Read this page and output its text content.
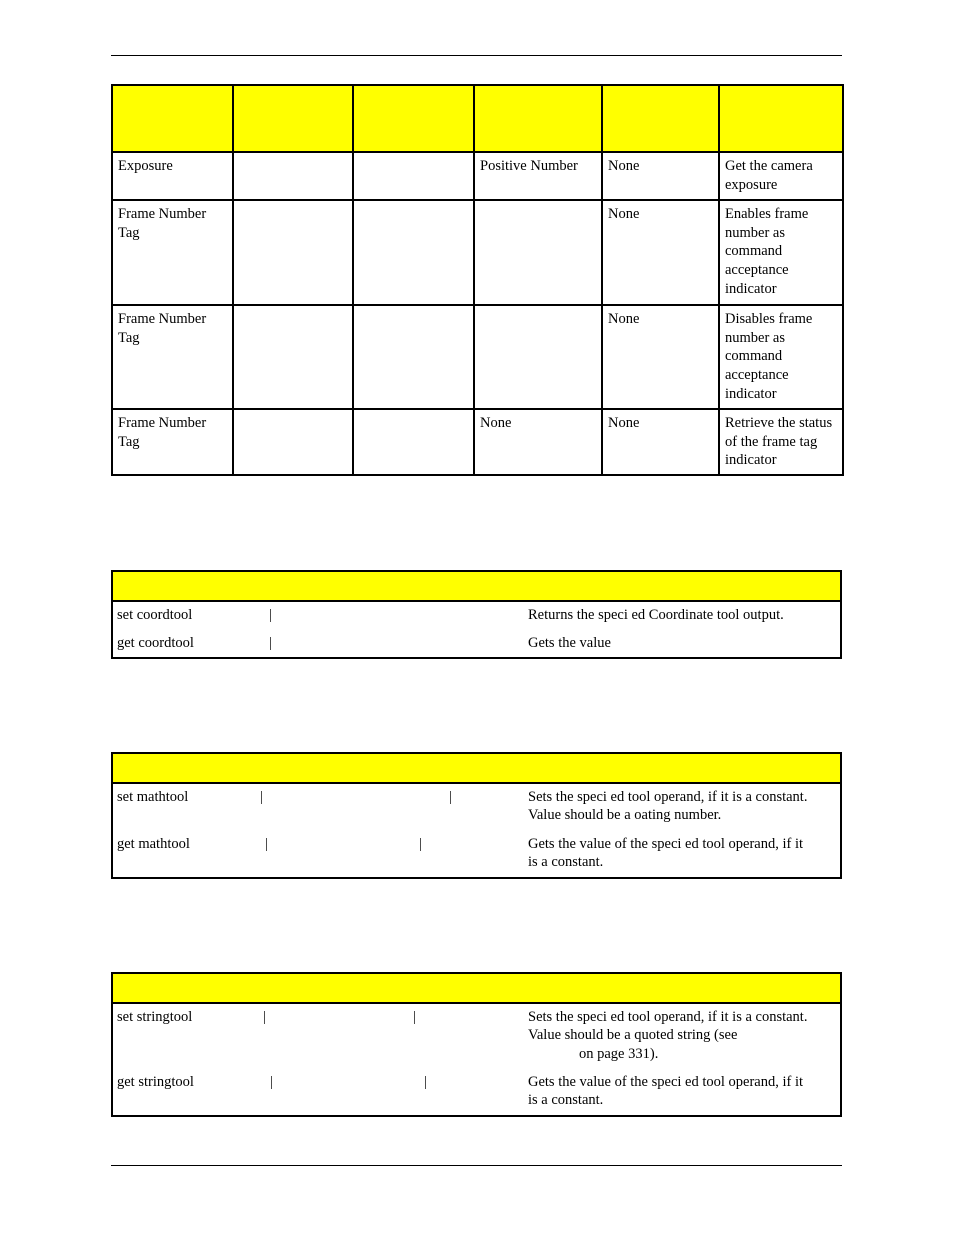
Exposure			Positive Number	None	Get the camera exposure
Frame Number Tag				None	Enables frame number as command acceptance indicator
Frame Number Tag				None	Disables frame number as command acceptance indicator
Frame Number Tag			None	None	Retrieve the status of the frame tag indicator
set coordtool	|	Returns the speci ed Coordinate tool output.
get coordtool	|	Gets the value
set mathtool	|	|	Sets the speci ed tool operand, if it is a constant.
Value should be a oating number.
get mathtool	|	|	Gets the value of the speci ed tool operand, if it
is a constant.
set stringtool	|	|	Sets the speci ed tool operand, if it is a constant.
Value should be a quoted string (see
on page 331).
get stringtool	|	|	Gets the value of the speci ed tool operand, if it
is a constant.
